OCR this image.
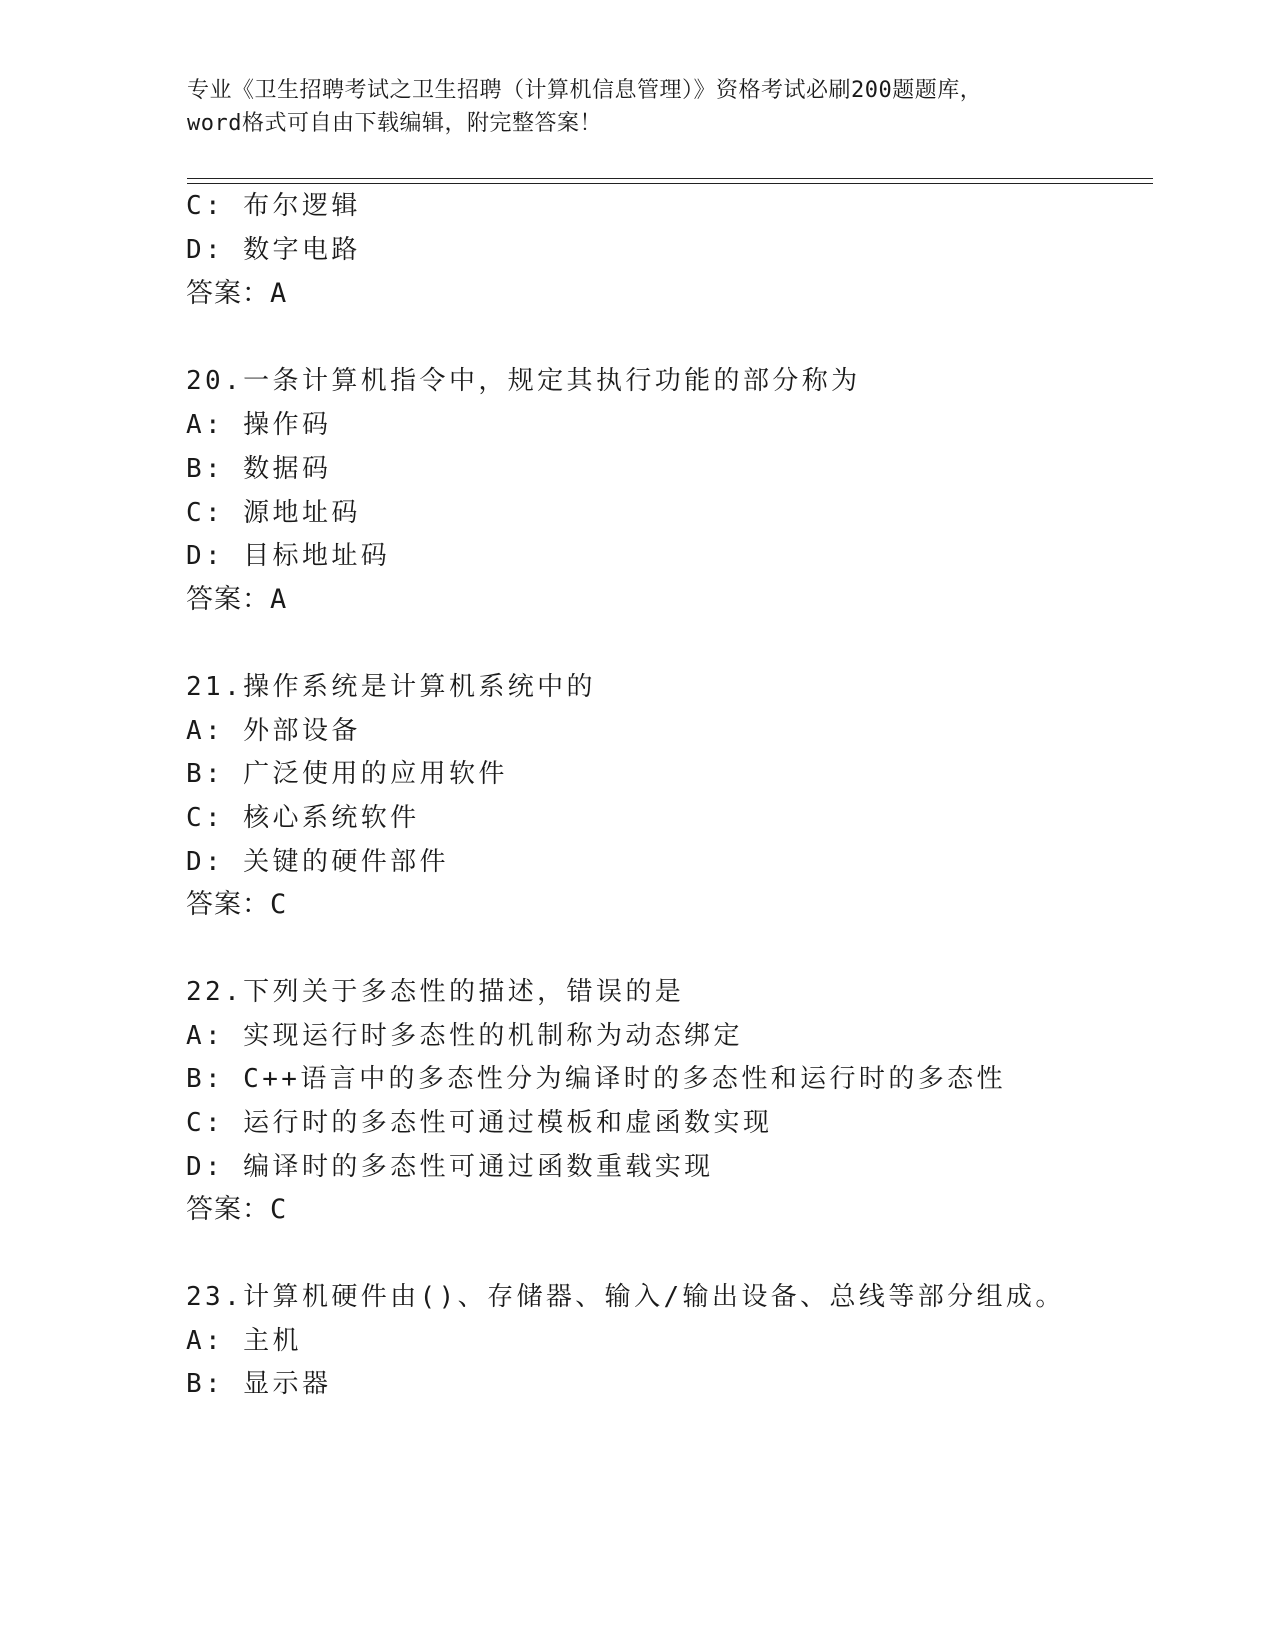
专业《卫生招聘考试之卫生招聘（计算机信息管理）》资格考试必刷200题题库，
word格式可自由下载编辑，附完整答案！
C: 布尔逻辑
D: 数字电路
答案：A
20.一条计算机指令中，规定其执行功能的部分称为
A: 操作码
B: 数据码
C: 源地址码
D: 目标地址码
答案：A
21.操作系统是计算机系统中的
A: 外部设备
B: 广泛使用的应用软件
C: 核心系统软件
D: 关键的硬件部件
答案：C
22.下列关于多态性的描述，错误的是
A: 实现运行时多态性的机制称为动态绑定
B: C++语言中的多态性分为编译时的多态性和运行时的多态性
C: 运行时的多态性可通过模板和虚函数实现
D: 编译时的多态性可通过函数重载实现
答案：C
23.计算机硬件由()、存储器、输入/输出设备、总线等部分组成。
A: 主机
B: 显示器
